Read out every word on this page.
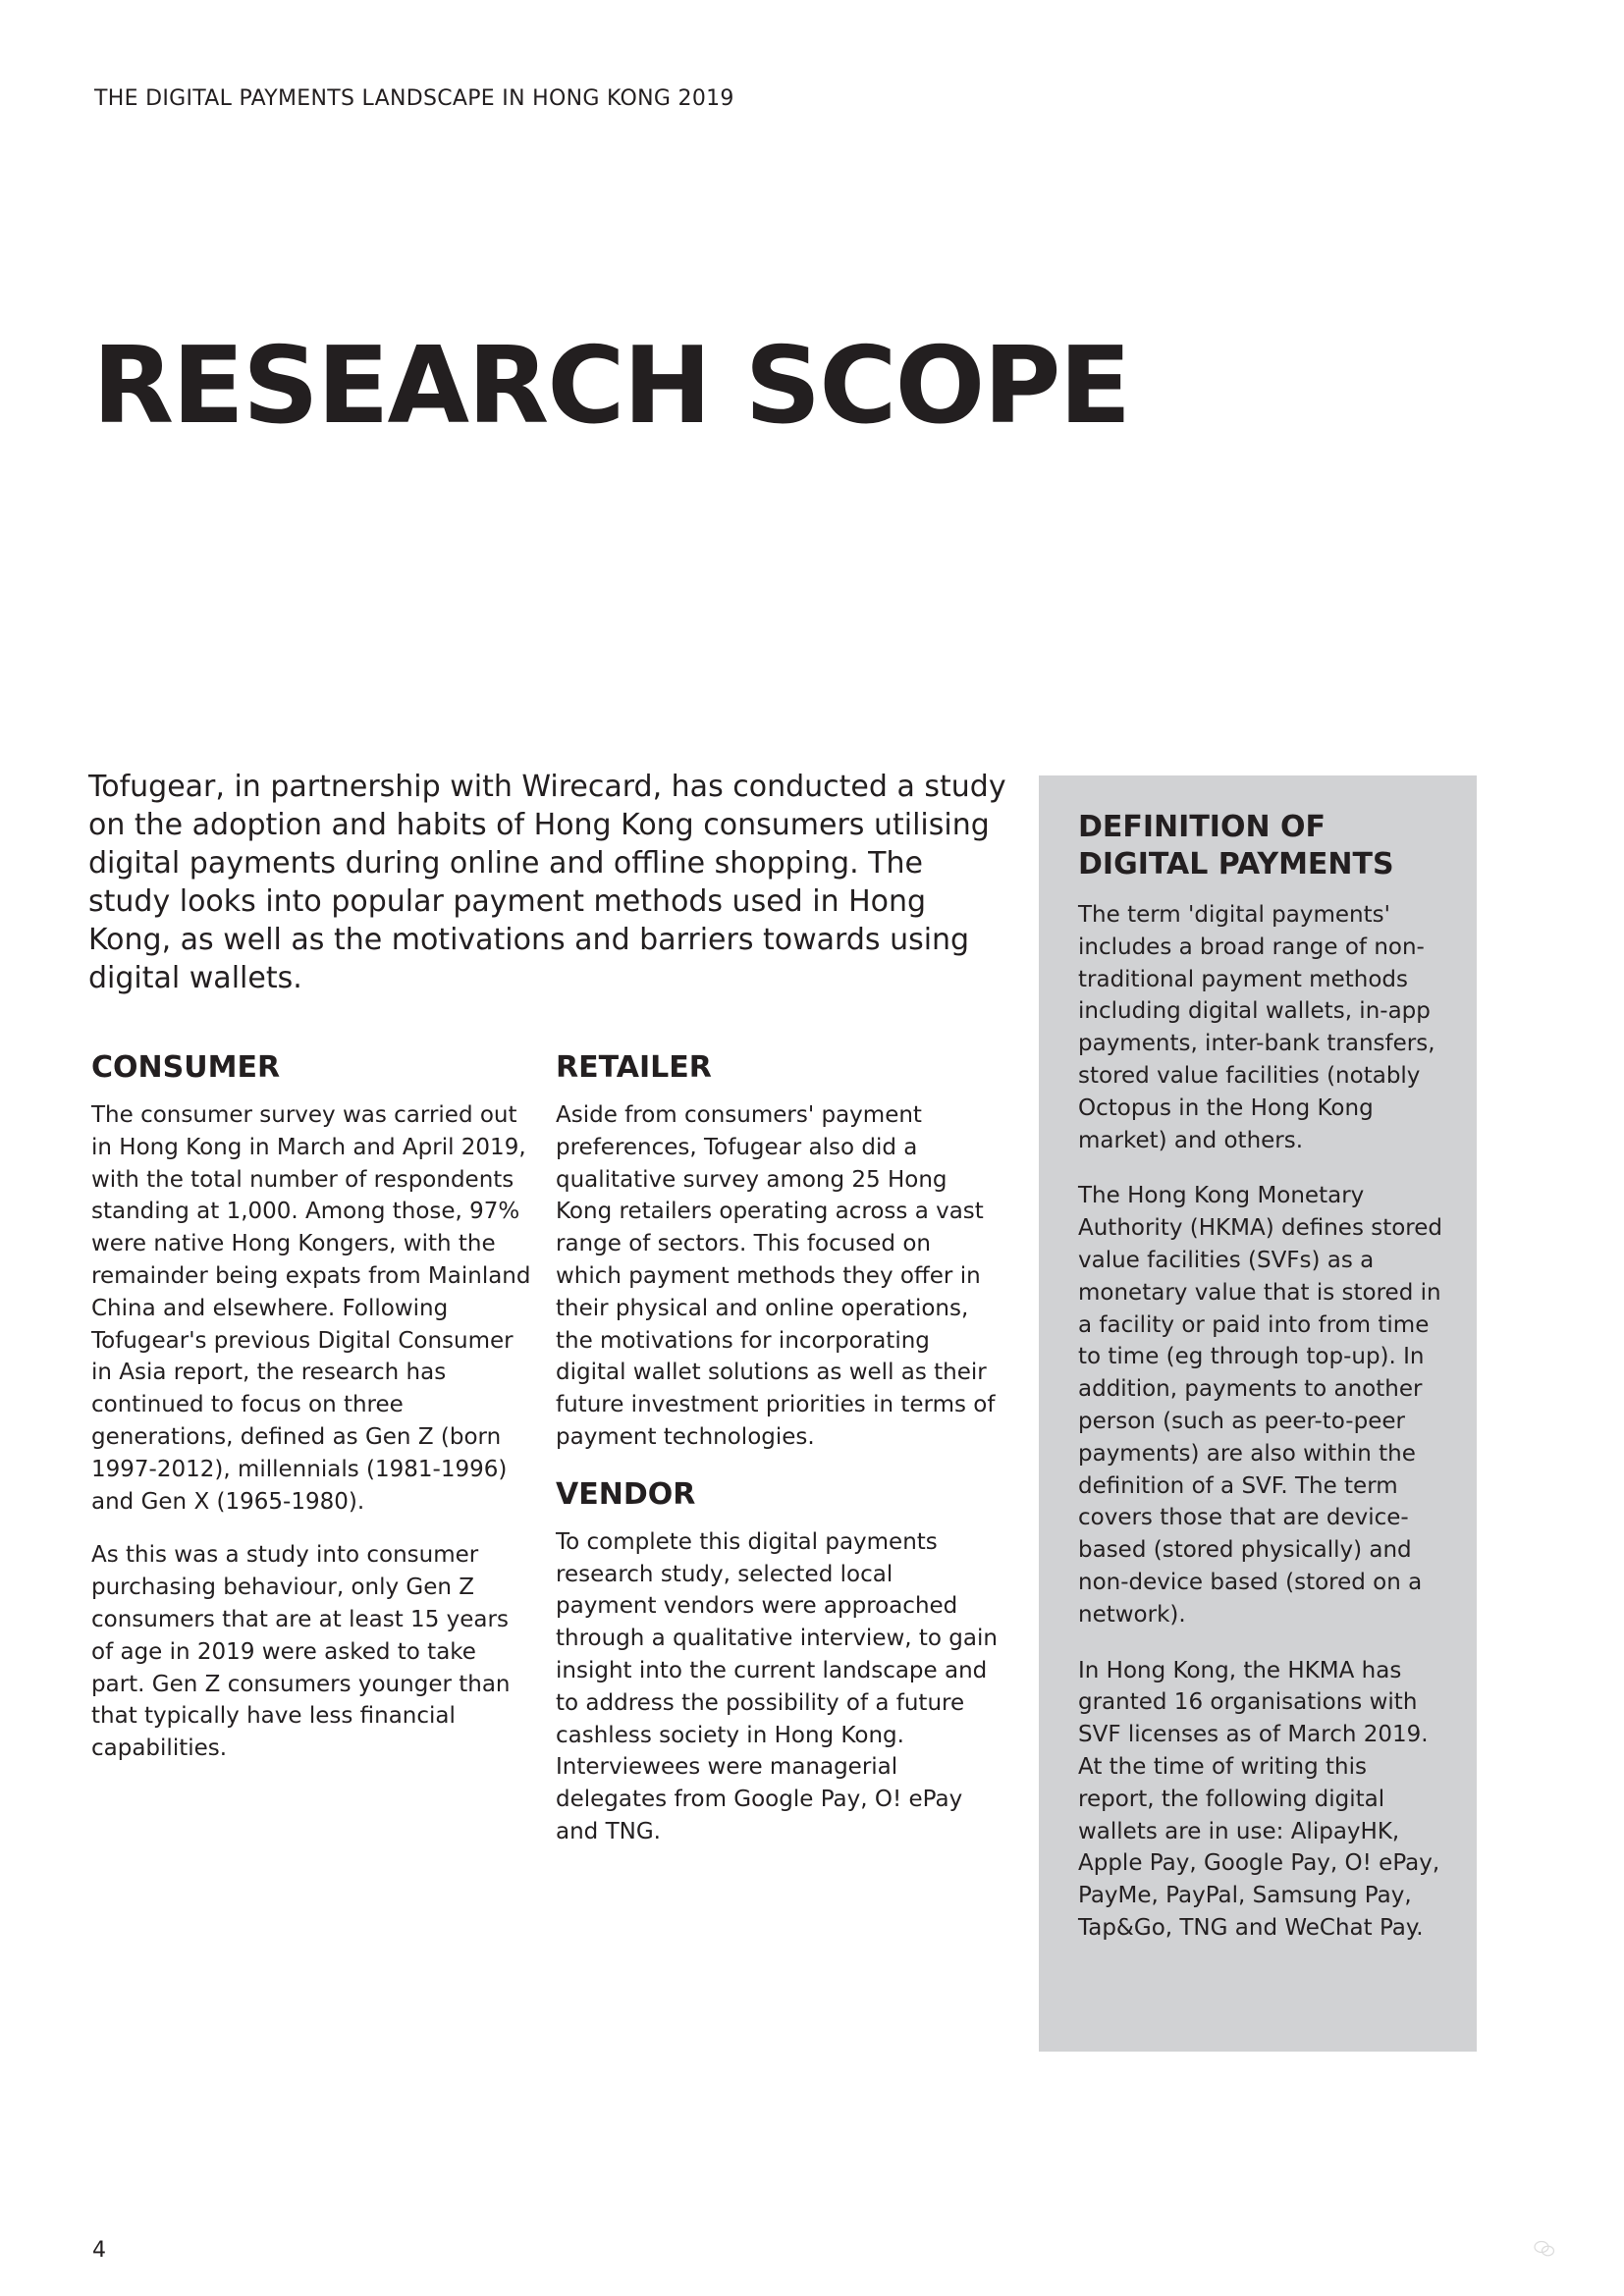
THE DIGITAL PAYMENTS LANDSCAPE IN HONG KONG 2019
RESEARCH SCOPE

Tofugear, in partnership with Wirecard, has conducted a study on the adoption and habits of Hong Kong consumers utilising digital payments during online and offline shopping. The study looks into popular payment methods used in Hong Kong, as well as the motivations and barriers towards using digital wallets.

CONSUMER

The consumer survey was carried out in Hong Kong in March and April 2019, with the total number of respondents standing at 1,000. Among those, 97% were native Hong Kongers, with the remainder being expats from Mainland China and elsewhere. Following Tofugear's previous Digital Consumer in Asia report, the research has continued to focus on three generations, defined as Gen Z (born 1997-2012), millennials (1981-1996) and Gen X (1965-1980).

As this was a study into consumer purchasing behaviour, only Gen Z consumers that are at least 15 years of age in 2019 were asked to take part. Gen Z consumers younger than that typically have less financial capabilities.

RETAILER

Aside from consumers' payment preferences, Tofugear also did a qualitative survey among 25 Hong Kong retailers operating across a vast range of sectors. This focused on which payment methods they offer in their physical and online operations, the motivations for incorporating digital wallet solutions as well as their future investment priorities in terms of payment technologies.

VENDOR

To complete this digital payments research study, selected local payment vendors were approached through a qualitative interview, to gain insight into the current landscape and to address the possibility of a future cashless society in Hong Kong. Interviewees were managerial delegates from Google Pay, O! ePay and TNG.

DEFINITION OF
DIGITAL PAYMENTS

The term 'digital payments' includes a broad range of non-traditional payment methods including digital wallets, in-app payments, inter-bank transfers, stored value facilities (notably Octopus in the Hong Kong market) and others.

The Hong Kong Monetary Authority (HKMA) defines stored value facilities (SVFs) as a monetary value that is stored in a facility or paid into from time to time (eg through top-up). In addition, payments to another person (such as peer-to-peer payments) are also within the definition of a SVF. The term covers those that are device-based (stored physically) and non-device based (stored on a network).

In Hong Kong, the HKMA has granted 16 organisations with SVF licenses as of March 2019. At the time of writing this report, the following digital wallets are in use: AlipayHK, Apple Pay, Google Pay, O! ePay, PayMe, PayPal, Samsung Pay, Tap&Go, TNG and WeChat Pay.

4
